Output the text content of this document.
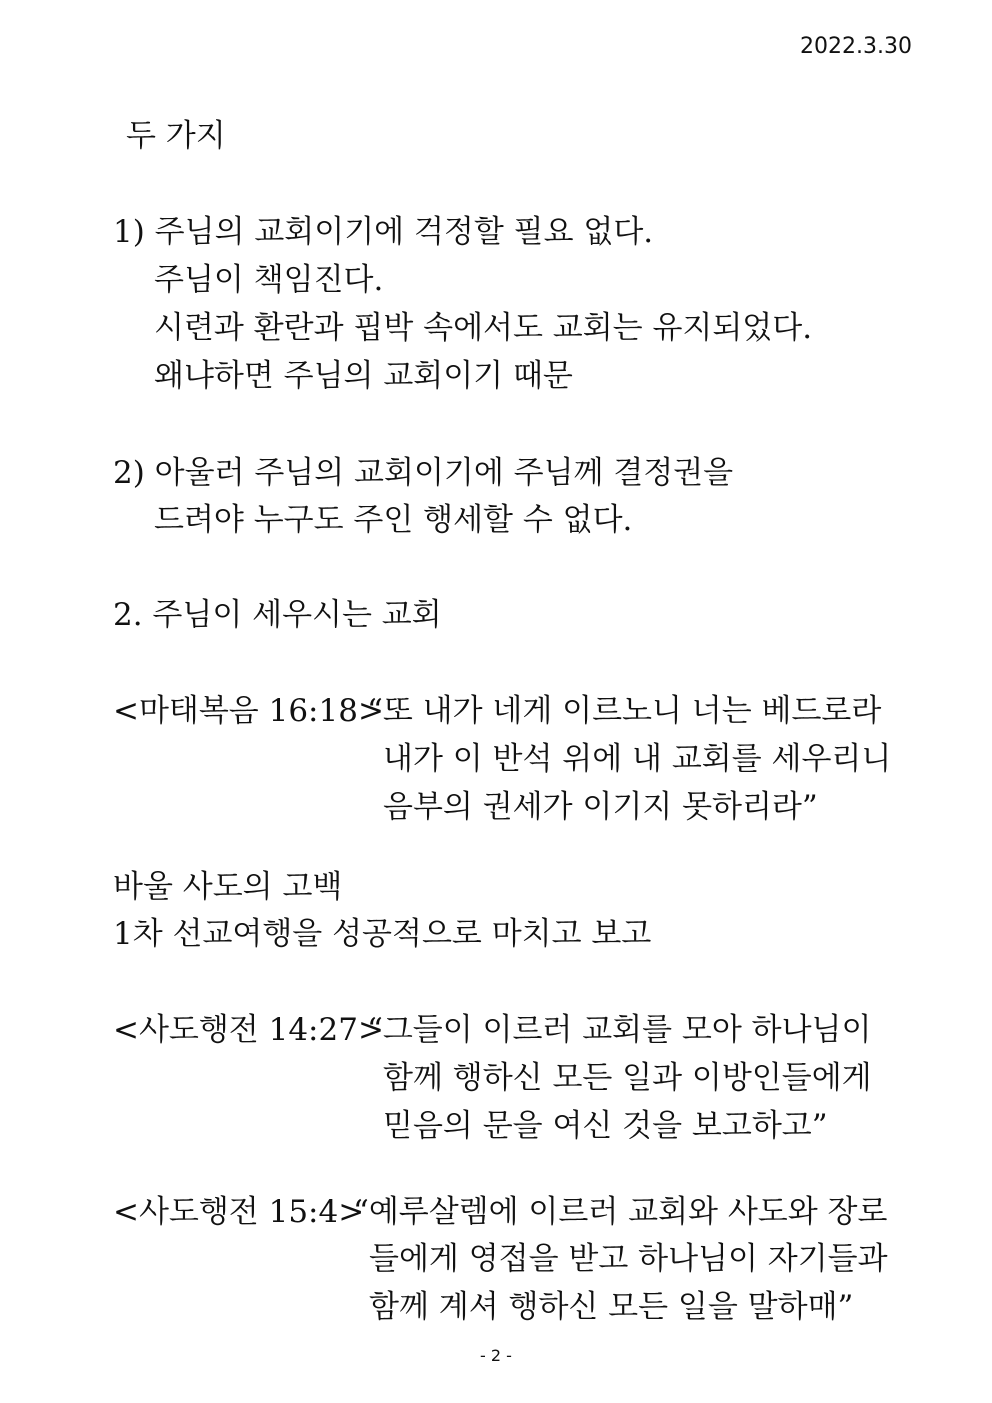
2022.3.30
두 가지
1) 주님의 교회이기에 걱정할 필요 없다.
주님이 책임진다.
시련과 환란과 핍박 속에서도 교회는 유지되었다.
왜냐하면 주님의 교회이기 때문
2) 아울러 주님의 교회이기에 주님께 결정권을
드려야 누구도 주인 행세할 수 없다.
2. 주님이 세우시는 교회
<마태복음 16:18>
“또 내가 네게 이르노니 너는 베드로라
내가 이 반석 위에 내 교회를 세우리니
음부의 권세가 이기지 못하리라”
바울 사도의 고백
1차 선교여행을 성공적으로 마치고 보고
<사도행전 14:27>
“그들이 이르러 교회를 모아 하나님이
함께 행하신 모든 일과 이방인들에게
믿음의 문을 여신 것을 보고하고”
<사도행전 15:4>
“예루살렘에 이르러 교회와 사도와 장로
들에게 영접을 받고 하나님이 자기들과
함께 계셔 행하신 모든 일을 말하매”
- 2 -
